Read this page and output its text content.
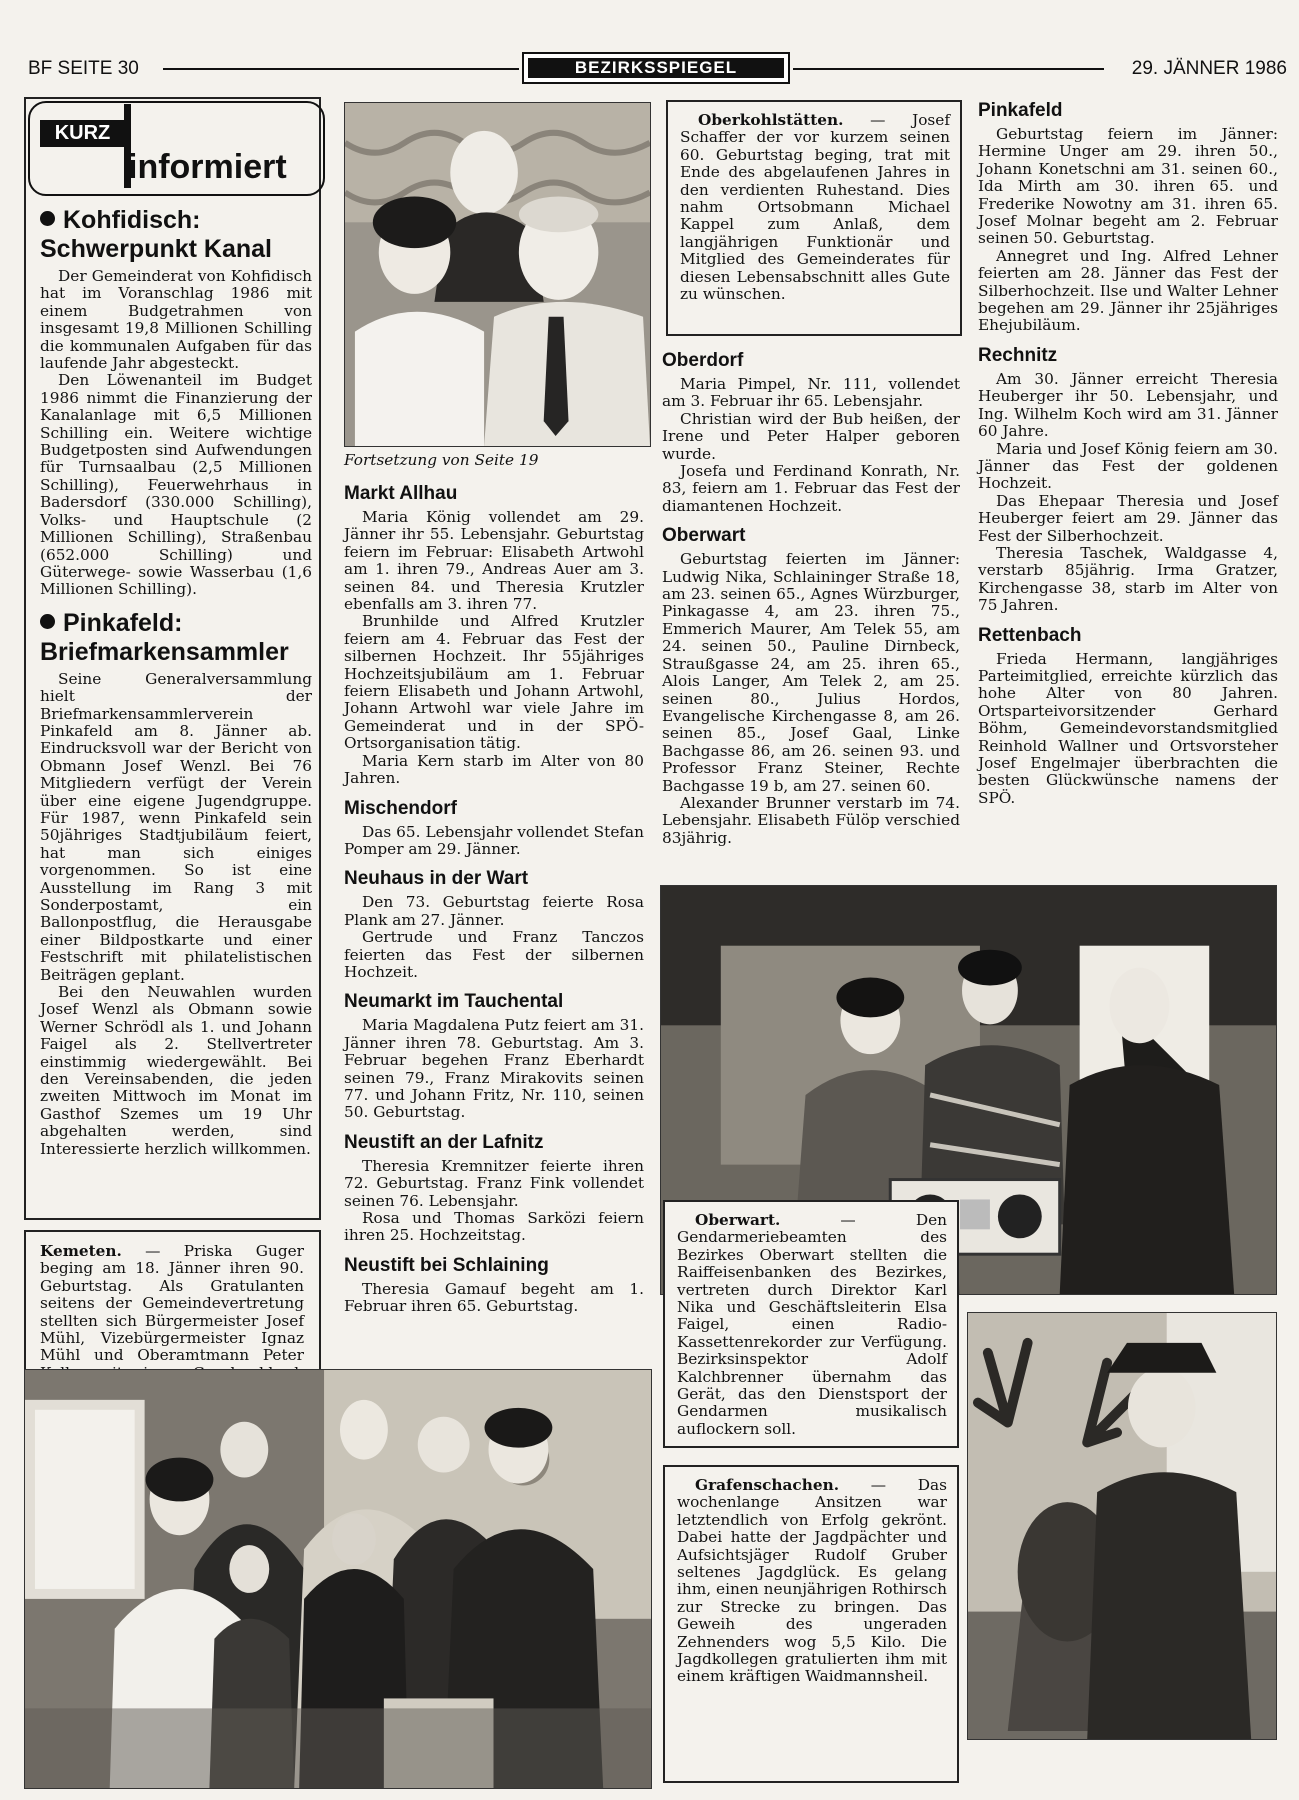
BF SEITE 30	BEZIRKSSPIEGEL	29. JÄNNER 1986
KURZ
informiert
Kohfidisch: Schwerpunkt Kanal

Der Gemeinderat von Kohfidisch hat im Voranschlag 1986 mit einem Budgetrahmen von insgesamt 19,8 Millionen Schilling die kommunalen Aufgaben für das laufende Jahr abgesteckt.

Den Löwenanteil im Budget 1986 nimmt die Finanzierung der Kanalanlage mit 6,5 Millionen Schilling ein. Weitere wichtige Budgetposten sind Aufwendungen für Turnsaalbau (2,5 Millionen Schilling), Feuerwehrhaus in Badersdorf (330.000 Schilling), Volks- und Hauptschule (2 Millionen Schilling), Straßenbau (652.000 Schilling) und Güterwege- sowie Wasserbau (1,6 Millionen Schilling).

Pinkafeld: Briefmarkensammler

Seine Generalversammlung hielt der Briefmarkensammlerverein Pinkafeld am 8. Jänner ab. Eindrucksvoll war der Bericht von Obmann Josef Wenzl. Bei 76 Mitgliedern verfügt der Verein über eine eigene Jugendgruppe. Für 1987, wenn Pinkafeld sein 50jähriges Stadtjubiläum feiert, hat man sich einiges vorgenommen. So ist eine Ausstellung im Rang 3 mit Sonderpostamt, ein Ballonpostflug, die Herausgabe einer Bildpostkarte und einer Festschrift mit philatelistischen Beiträgen geplant.

Bei den Neuwahlen wurden Josef Wenzl als Obmann sowie Werner Schrödl als 1. und Johann Faigel als 2. Stellvertreter einstimmig wiedergewählt. Bei den Vereinsabenden, die jeden zweiten Mittwoch im Monat im Gasthof Szemes um 19 Uhr abgehalten werden, sind Interessierte herzlich willkommen.

Kemeten. — Priska Guger beging am 18. Jänner ihren 90. Geburtstag. Als Gratulanten seitens der Gemeindevertretung stellten sich Bürgermeister Josef Mühl, Vizebürgermeister Ignaz Mühl und Oberamtmann Peter

Fortsetzung von Seite 19
Markt Allhau

Maria König vollendet am 29. Jänner ihr 55. Lebensjahr. Geburtstag feiern im Februar: Elisabeth Artwohl am 1. ihren 79., Andreas Auer am 3. seinen 84. und Theresia Krutzler ebenfalls am 3. ihren 77.

Brunhilde und Alfred Krutzler feiern am 4. Februar das Fest der silbernen Hochzeit. Ihr 55jähriges Hochzeitsjubiläum am 1. Februar feiern Elisabeth und Johann Artwohl, Johann Artwohl war viele Jahre im Gemeinderat und in der SPÖ-Ortsorganisation tätig.

Maria Kern starb im Alter von 80 Jahren.

Mischendorf

Das 65. Lebensjahr vollendet Stefan Pomper am 29. Jänner.

Neuhaus in der Wart

Den 73. Geburtstag feierte Rosa Plank am 27. Jänner.

Gertrude und Franz Tanczos feierten das Fest der silbernen Hochzeit.

Neumarkt im Tauchental

Maria Magdalena Putz feiert am 31. Jänner ihren 78. Geburtstag. Am 3. Februar begehen Franz Eberhardt seinen 79., Franz Mirakovits seinen 77. und Johann Fritz, Nr. 110, seinen 50. Geburtstag.

Neustift an der Lafnitz

Theresia Kremnitzer feierte ihren 72. Geburtstag. Franz Fink vollendet seinen 76. Lebensjahr.

Rosa und Thomas Sarközi feiern ihren 25. Hochzeitstag.

Neustift bei Schlaining

Theresia Gamauf begeht am 1. Februar ihren 65. Geburtstag.

Oberkohlstätten. — Josef Schaffer der vor kurzem seinen 60. Geburtstag beging, trat mit Ende des abgelaufenen Jahres in den verdienten Ruhestand. Dies nahm Ortsobmann Michael Kappel zum Anlaß, dem langjährigen Funktionär und Mitglied des Gemeinderates für diesen Lebensabschnitt alles Gute zu wünschen.

Oberdorf

Maria Pimpel, Nr. 111, vollendet am 3. Februar ihr 65. Lebensjahr.

Christian wird der Bub heißen, der Irene und Peter Halper geboren wurde.

Josefa und Ferdinand Konrath, Nr. 83, feiern am 1. Februar das Fest der diamantenen Hochzeit.

Oberwart

Geburtstag feierten im Jänner: Ludwig Nika, Schlaininger Straße 18, am 23. seinen 65., Agnes Würzburger, Pinkagasse 4, am 23. ihren 75., Emmerich Maurer, Am Telek 55, am 24. seinen 50., Pauline Dirnbeck, Straußgasse 24, am 25. ihren 65., Alois Langer, Am Telek 2, am 25. seinen 80., Julius Hordos, Evangelische Kirchengasse 8, am 26. seinen 85., Josef Gaal, Linke Bachgasse 86, am 26. seinen 93. und Professor Franz Steiner, Rechte Bachgasse 19 b, am 27. seinen 60.

Alexander Brunner verstarb im 74. Lebensjahr. Elisabeth Fülöp verschied 83jährig.

Pinkafeld

Geburtstag feiern im Jänner: Hermine Unger am 29. ihren 50., Johann Konetschni am 31. seinen 60., Ida Mirth am 30. ihren 65. und Frederike Nowotny am 31. ihren 65. Josef Molnar begeht am 2. Februar seinen 50. Geburtstag.

Annegret und Ing. Alfred Lehner feierten am 28. Jänner das Fest der Silberhochzeit. Ilse und Walter Lehner begehen am 29. Jänner ihr 25jähriges Ehejubiläum.

Rechnitz

Am 30. Jänner erreicht Theresia Heuberger ihr 50. Lebensjahr, und Ing. Wilhelm Koch wird am 31. Jänner 60 Jahre.

Maria und Josef König feiern am 30. Jänner das Fest der goldenen Hochzeit.

Das Ehepaar Theresia und Josef Heuberger feiert am 29. Jänner das Fest der Silberhochzeit.

Theresia Taschek, Waldgasse 4, verstarb 85jährig. Irma Gratzer, Kirchengasse 38, starb im Alter von 75 Jahren.

Rettenbach

Frieda Hermann, langjähriges Parteimitglied, erreichte kürzlich das hohe Alter von 80 Jahren. Ortsparteivorsitzender Gerhard Böhm, Gemeindevorstandsmitglied Reinhold Wallner und Ortsvorsteher Josef Engelmajer überbrachten die besten Glückwünsche namens der SPÖ.

Oberwart. — Den Gendarmeriebeamten des Bezirkes Oberwart stellten die Raiffeisenbanken des Bezirkes, vertreten durch Direktor Karl Nika und Geschäftsleiterin Elsa Faigel, einen Radio-Kassettenrekorder zur Verfügung. Bezirksinspektor Adolf Kalchbrenner übernahm das Gerät, das den Dienstsport der Gendarmen musikalisch auflockern soll.

Grafenschachen. — Das wochenlange Ansitzen war letztendlich von Erfolg gekrönt. Dabei hatte der Jagdpächter und Aufsichtsjäger Rudolf Gruber seltenes Jagdglück. Es gelang ihm, einen neunjährigen Rothirsch zur Strecke zu bringen. Das Geweih des ungeraden Zehnenders wog 5,5 Kilo. Die Jagdkollegen gratulierten ihm mit einem kräftigen Waidmannsheil.
